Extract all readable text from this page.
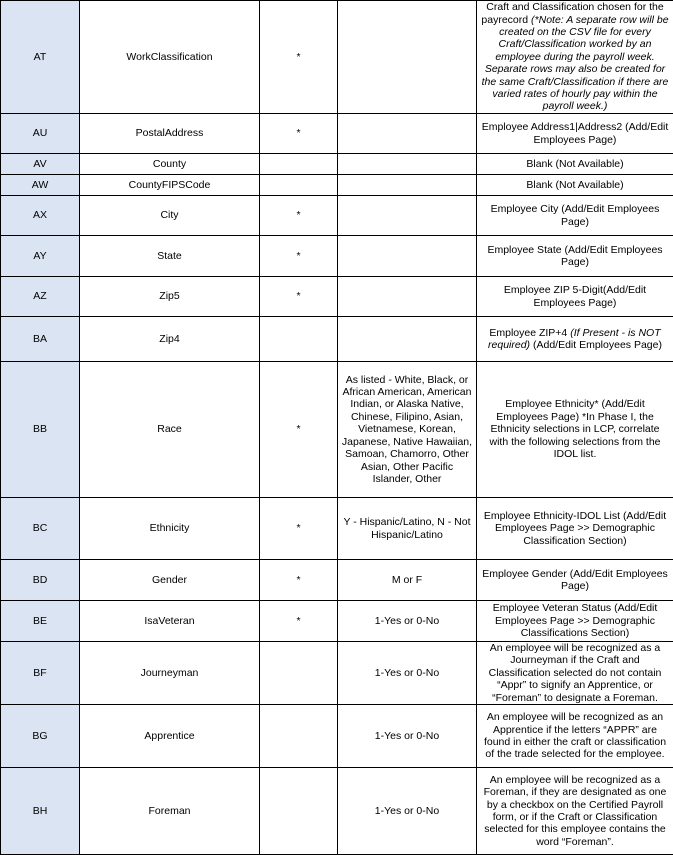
AT	WorkClassification	*		Craft and Classification chosen for the payrecord (*Note: A separate row will be created on the CSV file for every Craft/Classification worked by an employee during the payroll week. Separate rows may also be created for the same Craft/Classification if there are varied rates of hourly pay within the payroll week.)
AU	PostalAddress	*		Employee Address1|Address2 (Add/Edit Employees Page)
AV	County			Blank (Not Available)
AW	CountyFIPSCode			Blank (Not Available)
AX	City	*		Employee City (Add/Edit Employees Page)
AY	State	*		Employee State (Add/Edit Employees Page)
AZ	Zip5	*		Employee ZIP 5-Digit(Add/Edit Employees Page)
BA	Zip4			Employee ZIP+4 (If Present - is NOT required) (Add/Edit Employees Page)
BB	Race	*	As listed - White, Black, or African American, American Indian, or Alaska Native, Chinese, Filipino, Asian, Vietnamese, Korean, Japanese, Native Hawaiian, Samoan, Chamorro, Other Asian, Other Pacific Islander, Other	Employee Ethnicity* (Add/Edit Employees Page) *In Phase I, the Ethnicity selections in LCP, correlate with the following selections from the IDOL list.
BC	Ethnicity	*	Y - Hispanic/Latino, N - Not Hispanic/Latino	Employee Ethnicity-IDOL List (Add/Edit Employees Page >> Demographic Classification Section)
BD	Gender	*	M or F	Employee Gender (Add/Edit Employees Page)
BE	IsaVeteran	*	1-Yes or 0-No	Employee Veteran Status (Add/Edit Employees Page >> Demographic Classifications Section)
BF	Journeyman		1-Yes or 0-No	An employee will be recognized as a Journeyman if the Craft and Classification selected do not contain “Appr” to signify an Apprentice, or “Foreman” to designate a Foreman.
BG	Apprentice		1-Yes or 0-No	An employee will be recognized as an Apprentice if the letters “APPR” are found in either the craft or classification of the trade selected for the employee.
BH	Foreman		1-Yes or 0-No	An employee will be recognized as a Foreman, if they are designated as one by a checkbox on the Certified Payroll form, or if the Craft or Classification selected for this employee contains the word “Foreman”.
